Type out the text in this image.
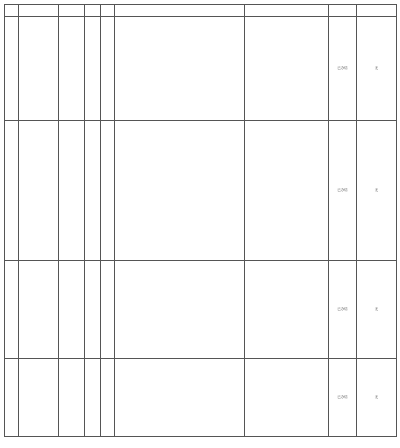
							已办结	无
							已办结	无
							已办结	无
							已办结	无
